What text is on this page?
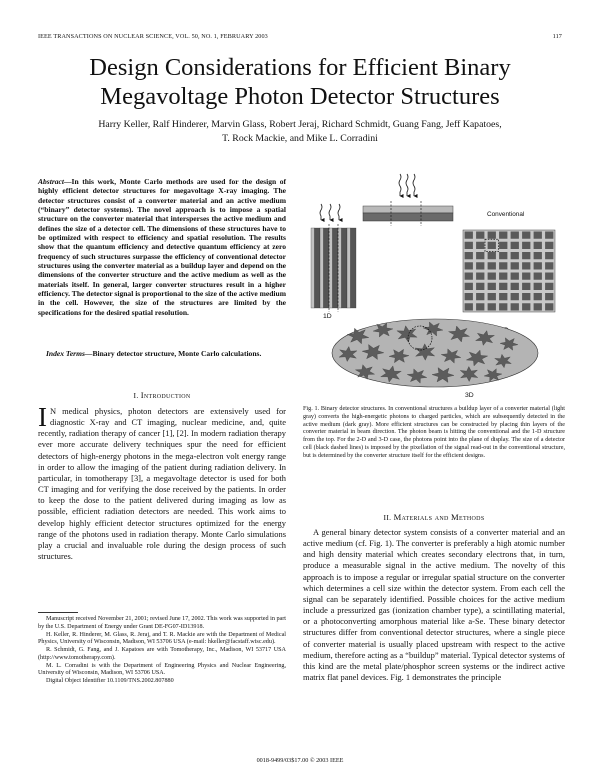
IEEE TRANSACTIONS ON NUCLEAR SCIENCE, VOL. 50, NO. 1, FEBRUARY 2003	117
Design Considerations for Efficient Binary
Megavoltage Photon Detector Structures
Harry Keller, Ralf Hinderer, Marvin Glass, Robert Jeraj, Richard Schmidt, Guang Fang, Jeff Kapatoes,
T. Rock Mackie, and Mike L. Corradini
Abstract—In this work, Monte Carlo methods are used for the design of highly efficient detector structures for megavoltage X-ray imaging. The detector structures consist of a converter material and an active medium (“binary” detector systems). The novel approach is to impose a spatial structure on the converter material that intersperses the active medium and defines the size of a detector cell. The dimensions of these structures have to be optimized with respect to efficiency and spatial resolution. The results show that the quantum efficiency and detective quantum efficiency at zero frequency of such structures surpasse the efficiency of conventional detector structures using the converter material as a buildup layer and depend on the dimensions of the converter structure and the active medium as well as the materials itself. In general, larger converter structures result in a higher efficiency. The detector signal is proportional to the size of the active medium in the cell. However, the size of the structures are limited by the specifications for the desired spatial resolution.
Index Terms—Binary detector structure, Monte Carlo calculations.
I. Introduction
I N medical physics, photon detectors are extensively used for diagnostic X-ray and CT imaging, nuclear medicine, and, quite recently, radiation therapy of cancer [1], [2]. In modern radiation therapy ever more accurate delivery techniques spur the need for efficient detectors of high-energy photons in the mega-electron volt energy range in order to allow the imaging of the patient during radiation delivery. In particular, in tomotherapy [3], a megavoltage detector is used for both CT imaging and for verifying the dose received by the patients. In order to keep the dose to the patient delivered during imaging as low as possible, efficient radiation detectors are needed. This work aims to develop highly efficient detector structures optimized for the energy range of the photons used in radiation therapy. Monte Carlo simulations play a crucial and invaluable role during the design process of such structures.

Manuscript received November 21, 2001; revised June 17, 2002. This work was supported in part by the U.S. Department of Energy under Grant DE-FG07-ID13918.

H. Keller, R. Hinderer, M. Glass, R. Jeraj, and T. R. Mackie are with the Department of Medical Physics, University of Wisconsin, Madison, WI 53706 USA (e-mail: hkeller@facstaff.wisc.edu).

R. Schmidt, G. Fang, and J. Kapatoes are with Tomotherapy, Inc., Madison, WI 53717 USA (http://www.tomotherapy.com).

M. L. Corradini is with the Department of Engineering Physics and Nuclear Engineering, University of Wisconsin, Madison, WI 53706 USA.

Digital Object Identifier 10.1109/TNS.2002.807880

Conventional
1D
3D
Fig. 1. Binary detector structures. In conventional structures a buildup layer of a converter material (light gray) converts the high-energetic photons to charged particles, which are subsequently detected in the active medium (dark gray). More efficient structures can be constructed by placing thin layers of the converter material in beam direction. The photon beam is hitting the conventional and the 1-D structure from the top. For the 2-D and 3-D case, the photons point into the plane of display. The size of a detector cell (black dashed lines) is imposed by the pixellation of the signal read-out in the conventional structure, but is determined by the converter structure itself for the efficient designs.
II. Materials and Methods

A general binary detector system consists of a converter material and an active medium (cf. Fig. 1). The converter is preferably a high atomic number and high density material which creates secondary electrons that, in turn, produce a measurable signal in the active medium. The novelty of this approach is to impose a regular or irregular spatial structure on the converter which determines a cell size within the detector system. From each cell the signal can be separately identified. Possible choices for the active medium include a pressurized gas (ionization chamber type), a scintillating material, or a photoconverting amorphous material like a-Se. These binary detector structures differ from conventional detector structures, where a single piece of converter material is usually placed upstream with respect to the active medium, therefore acting as a “buildup” material. Typical detector systems of this kind are the metal plate/phosphor screen systems or the indirect active matrix flat panel devices. Fig. 1 demonstrates the principle

0018-9499/03$17.00 © 2003 IEEE
